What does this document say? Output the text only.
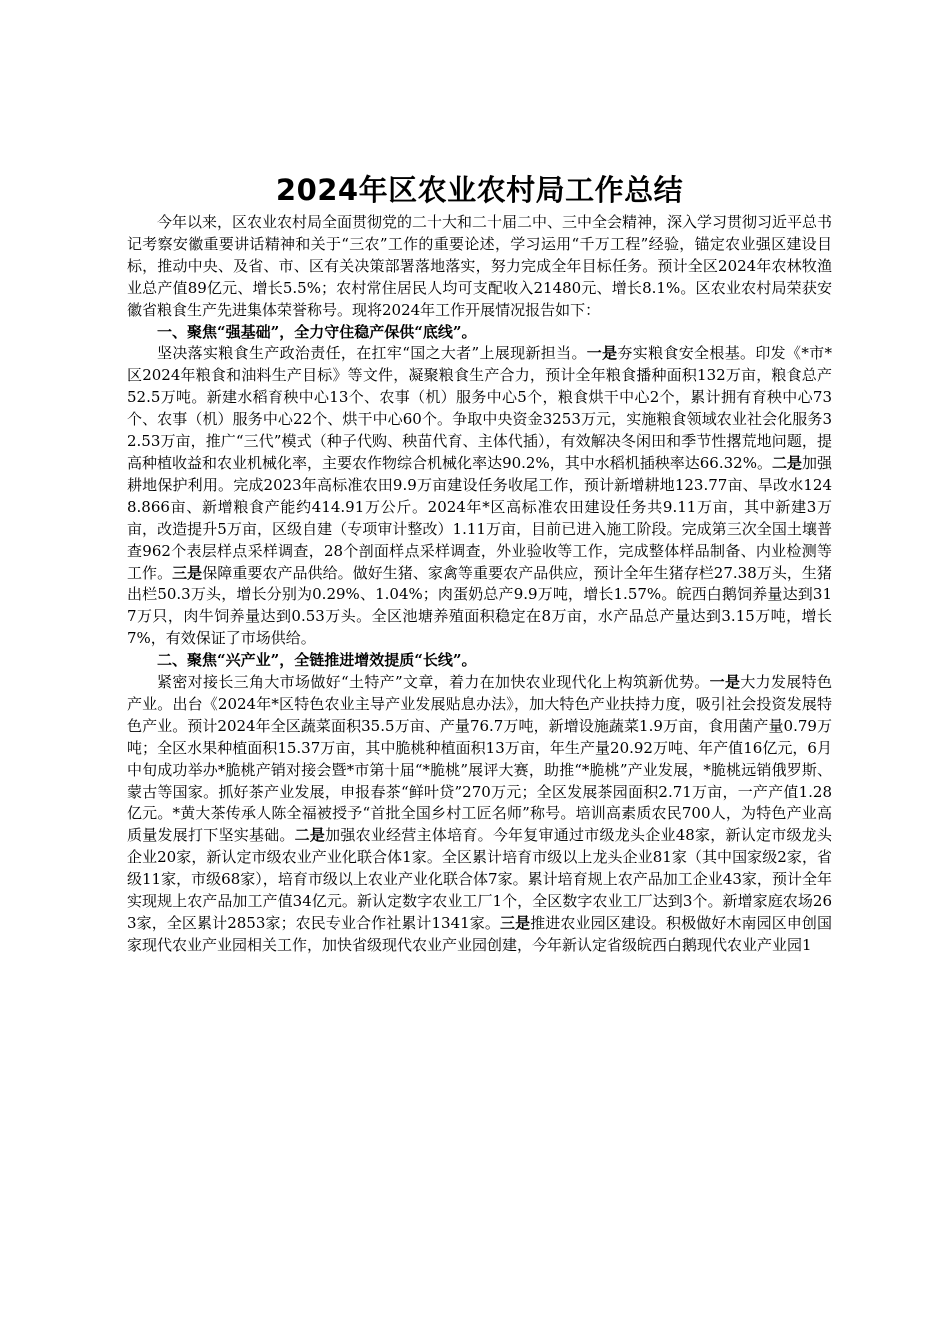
2024年区农业农村局工作总结

今年以来，区农业农村局全面贯彻党的二十大和二十届二中、三中全会精神，深入学习贯彻习近平总书记考察安徽重要讲话精神和关于“三农”工作的重要论述，学习运用“千万工程”经验，锚定农业强区建设目标，推动中央、及省、市、区有关决策部署落地落实，努力完成全年目标任务。预计全区2024年农林牧渔业总产值89亿元、增长5.5%；农村常住居民人均可支配收入21480元、增长8.1%。区农业农村局荣获安徽省粮食生产先进集体荣誉称号。现将2024年工作开展情况报告如下：

一、聚焦“强基础”，全力守住稳产保供“底线”。

坚决落实粮食生产政治责任，在扛牢“国之大者”上展现新担当。一是夯实粮食安全根基。印发《*市*区2024年粮食和油料生产目标》等文件，凝聚粮食生产合力，预计全年粮食播种面积132万亩，粮食总产52.5万吨。新建水稻育秧中心13个、农事（机）服务中心5个，粮食烘干中心2个，累计拥有育秧中心73个、农事（机）服务中心22个、烘干中心60个。争取中央资金3253万元，实施粮食领域农业社会化服务32.53万亩，推广“三代”模式（种子代购、秧苗代育、主体代插），有效解决冬闲田和季节性撂荒地问题，提高种植收益和农业机械化率，主要农作物综合机械化率达90.2%，其中水稻机插秧率达66.32%。二是加强耕地保护利用。完成2023年高标准农田9.9万亩建设任务收尾工作，预计新增耕地123.77亩、旱改水1248.866亩、新增粮食产能约414.91万公斤。2024年*区高标准农田建设任务共9.11万亩，其中新建3万亩，改造提升5万亩，区级自建（专项审计整改）1.11万亩，目前已进入施工阶段。完成第三次全国土壤普查962个表层样点采样调查，28个剖面样点采样调查，外业验收等工作，完成整体样品制备、内业检测等工作。三是保障重要农产品供给。做好生猪、家禽等重要农产品供应，预计全年生猪存栏27.38万头，生猪出栏50.3万头，增长分别为0.29%、1.04%；肉蛋奶总产9.9万吨，增长1.57%。皖西白鹅饲养量达到317万只，肉牛饲养量达到0.53万头。全区池塘养殖面积稳定在8万亩，水产品总产量达到3.15万吨，增长7%，有效保证了市场供给。

二、聚焦“兴产业”，全链推进增效提质“长线”。

紧密对接长三角大市场做好“土特产”文章，着力在加快农业现代化上构筑新优势。一是大力发展特色产业。出台《2024年*区特色农业主导产业发展贴息办法》，加大特色产业扶持力度，吸引社会投资发展特色产业。预计2024年全区蔬菜面积35.5万亩、产量76.7万吨，新增设施蔬菜1.9万亩，食用菌产量0.79万吨；全区水果种植面积15.37万亩，其中脆桃种植面积13万亩，年生产量20.92万吨、年产值16亿元，6月中旬成功举办*脆桃产销对接会暨*市第十届“*脆桃”展评大赛，助推“*脆桃”产业发展，*脆桃远销俄罗斯、蒙古等国家。抓好茶产业发展，申报春茶“鲜叶贷”270万元；全区发展茶园面积2.71万亩，一产产值1.28亿元。*黄大茶传承人陈全福被授予“首批全国乡村工匠名师”称号。培训高素质农民700人，为特色产业高质量发展打下坚实基础。二是加强农业经营主体培育。今年复审通过市级龙头企业48家，新认定市级龙头企业20家，新认定市级农业产业化联合体1家。全区累计培育市级以上龙头企业81家（其中国家级2家，省级11家，市级68家），培育市级以上农业产业化联合体7家。累计培育规上农产品加工企业43家，预计全年实现规上农产品加工产值34亿元。新认定数字农业工厂1个，全区数字农业工厂达到3个。新增家庭农场263家，全区累计2853家；农民专业合作社累计1341家。三是推进农业园区建设。积极做好木南园区申创国家现代农业产业园相关工作，加快省级现代农业产业园创建，今年新认定省级皖西白鹅现代农业产业园1
